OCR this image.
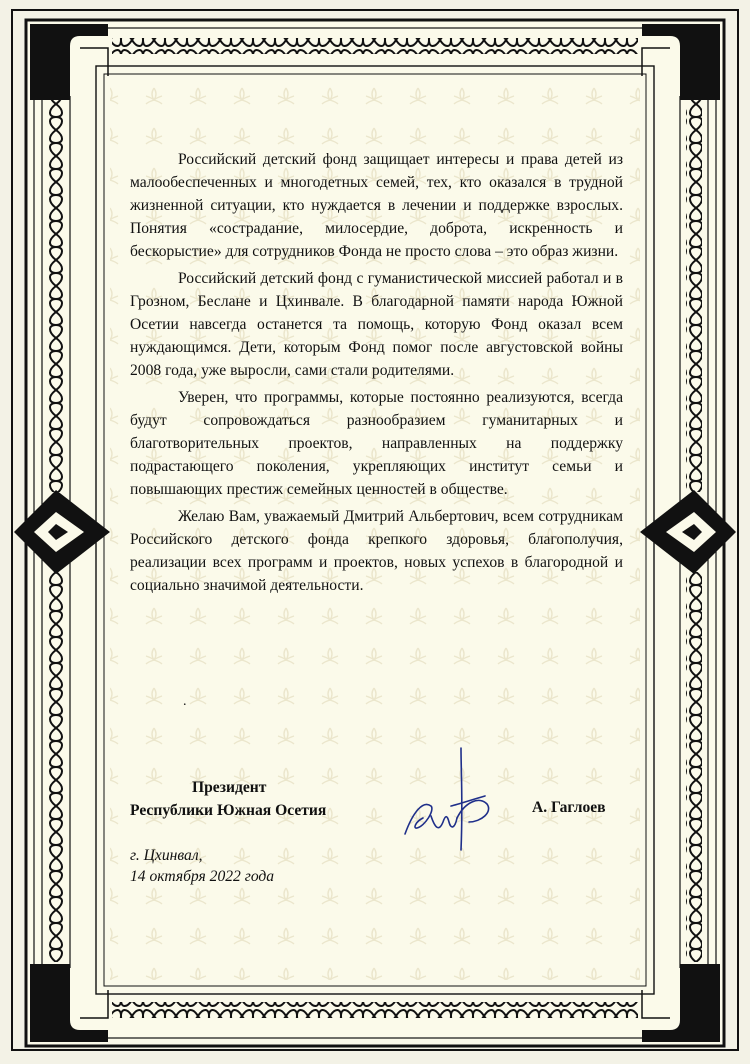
Российский детский фонд защищает интересы и права детей из малообеспеченных и многодетных семей, тех, кто оказался в трудной жизненной ситуации, кто нуждается в лечении и поддержке взрослых. Понятия «сострадание, милосердие, доброта, искренность и бескорыстие» для сотрудников Фонда не просто слова – это образ жизни.

Российский детский фонд с гуманистической миссией работал и в Грозном, Беслане и Цхинвале. В благодарной памяти народа Южной Осетии навсегда останется та помощь, которую Фонд оказал всем нуждающимся. Дети, которым Фонд помог после августовской войны 2008 года, уже выросли, сами стали родителями.

Уверен, что программы, которые постоянно реализуются, всегда будут сопровождаться разнообразием гуманитарных и благотворительных проектов, направленных на поддержку подрастающего поколения, укрепляющих институт семьи и повышающих престиж семейных ценностей в обществе.

Желаю Вам, уважаемый Дмитрий Альбертович, всем сотрудникам Российского детского фонда крепкого здоровья, благополучия, реализации всех программ и проектов, новых успехов в благородной и социально значимой деятельности.

.
Президент
Республики Южная Осетия	А. Гаглоев
г. Цхинвал,
14 октября 2022 года
